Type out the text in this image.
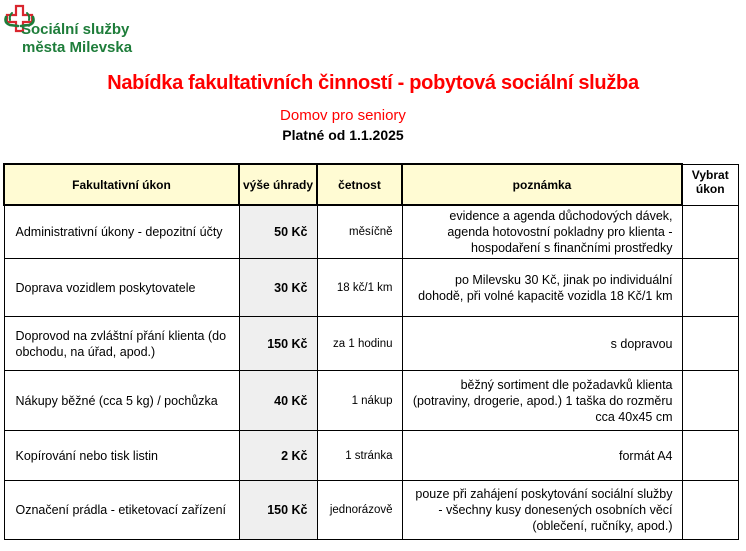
Sociální služby
města Milevska
Nabídka fakultativních činností - pobytová sociální služba
Domov pro seniory
Platné od 1.1.2025
Fakultativní úkon	výše úhrady	četnost	poznámka	Vybrat úkon
Administrativní úkony - depozitní účty	50 Kč	měsíčně	evidence a agenda důchodových dávek, agenda hotovostní pokladny pro klienta - hospodaření s finančními prostředky	
Doprava vozidlem poskytovatele	30 Kč	18 kč/1 km	po Milevsku 30 Kč, jinak po individuální dohodě, při volné kapacitě vozidla 18 Kč/1 km	
Doprovod na zvláštní přání klienta (do obchodu, na úřad, apod.)	150 Kč	za 1 hodinu	s dopravou	
Nákupy běžné (cca 5 kg) / pochůzka	40 Kč	1 nákup	běžný sortiment dle požadavků klienta (potraviny, drogerie, apod.) 1 taška do rozměru cca 40x45 cm	
Kopírování nebo tisk listin	2 Kč	1 stránka	formát A4	
Označení prádla - etiketovací zařízení	150 Kč	jednorázově	pouze při zahájení poskytování sociální služby - všechny kusy donesených osobních věcí (oblečení, ručníky, apod.)	
